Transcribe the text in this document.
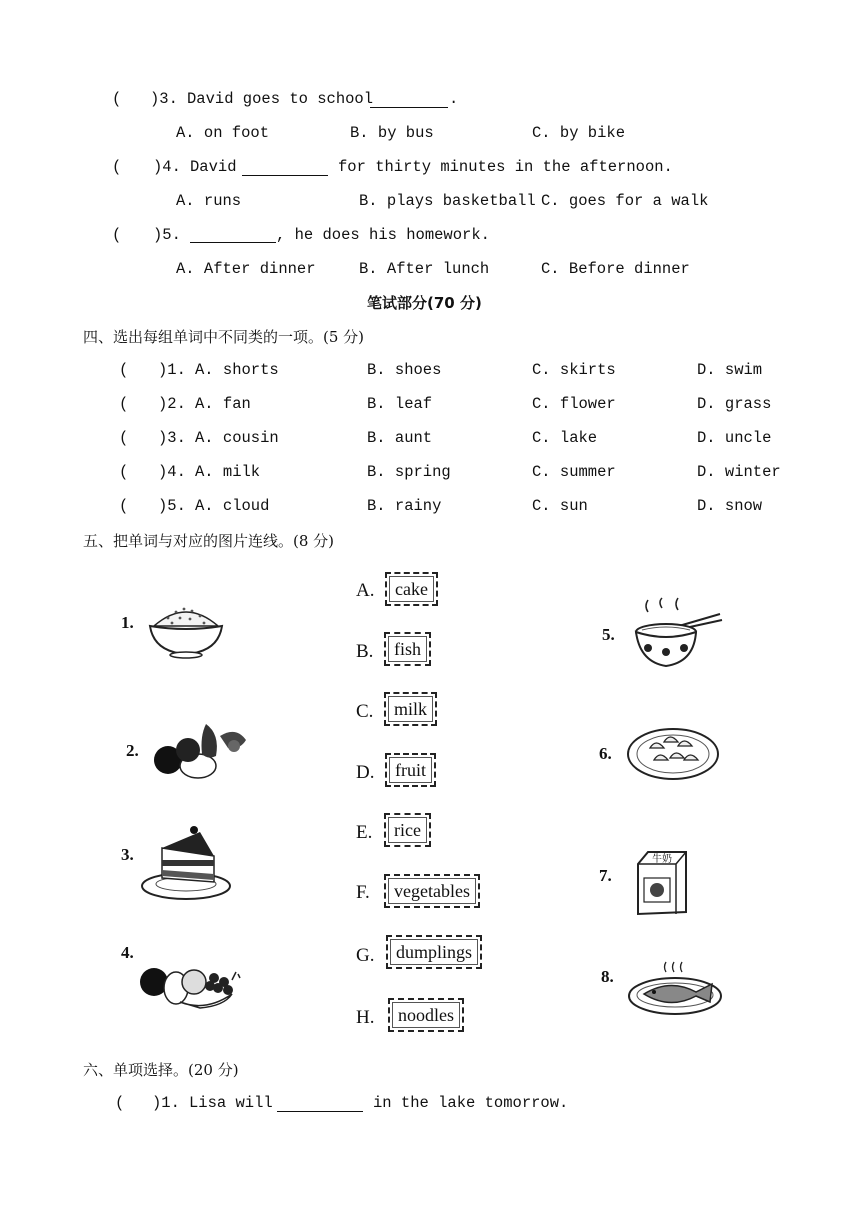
( )3. David goes to school	.
A. on foot	B. by bus	C. by bike
( )4. David	for thirty minutes in the afternoon.
A. runs	B. plays basketball C. goes for a walk
( )5.	, he does his homework.
A. After dinner	B. After lunch	C. Before dinner
笔试部分(70 分)
四、选出每组单词中不同类的一项。(5 分)
( )1. A. shorts	B. shoes	C. skirts	D. swim
( )2. A. fan	B. leaf	C. flower	D. grass
( )3. A. cousin	B. aunt	C. lake	D. uncle
( )4. A. milk	B. spring	C. summer	D. winter
( )5. A. cloud	B. rainy	C. sun	D. snow
五、把单词与对应的图片连线。(8 分)
A.	cake
B.	fish
C.	milk
D.	fruit
E.	rice
F.	vegetables
G.	dumplings
H.	noodles
1.
2.
3.
4.
5.
6.
7.
牛奶
8.
六、单项选择。(20 分)
( )1. Lisa will	in the lake tomorrow.
